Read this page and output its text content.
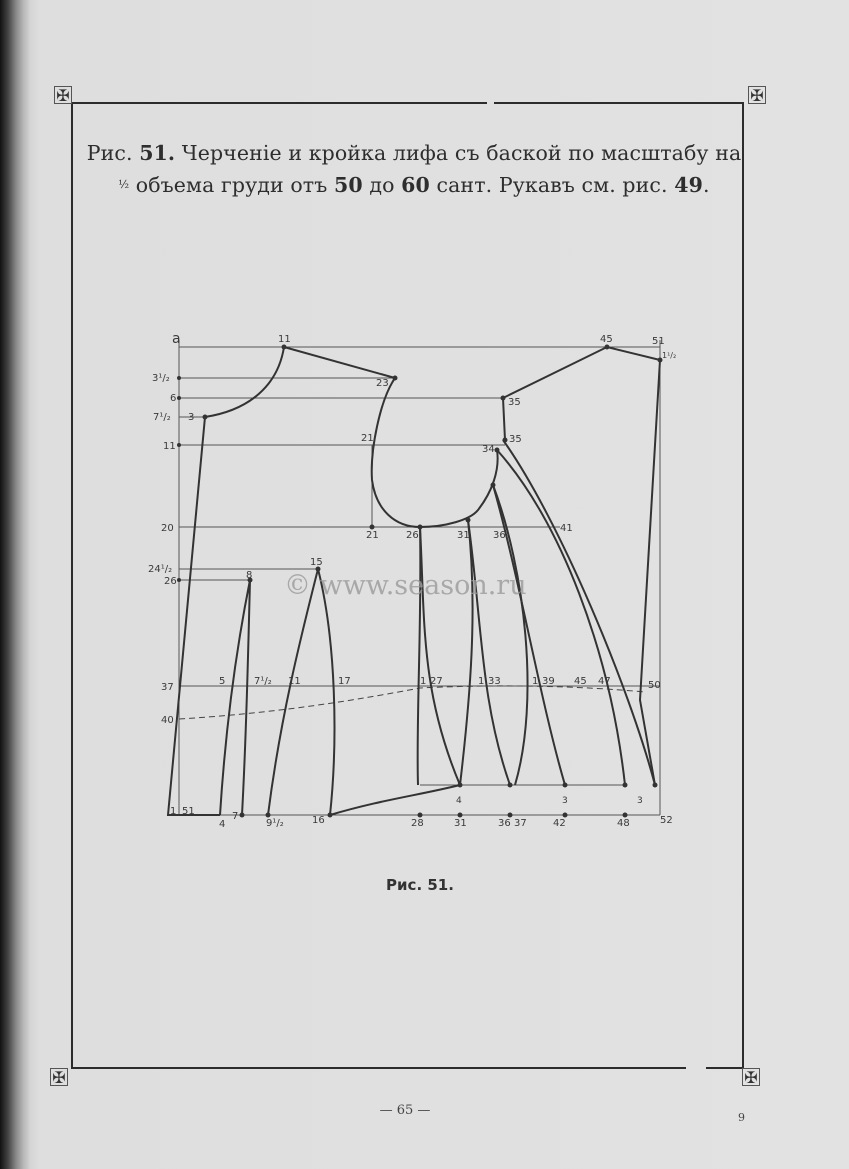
✠	✠
✠	✠
Рис. 51. Черченіе и кройка лифа съ баской по масштабу на
½ объема груди отъ 50 до 60 сант. Рукавъ см. рис. 49.
a	11	45	51
1¹/₂
3¹/₂	23
6	35
7¹/₂ 3
11
21
34
35
20
21	26	31 36
41
24¹/₂
15
26
8
37
5	7¹/₂ 11	17	1 27	1 33	1 39 45 47	50
40
1 51
4
7
9¹/₂	16	28	31	36 37	42	48	52
4	3	3
© www.season.ru
Рис. 51.
— 65 —	9
